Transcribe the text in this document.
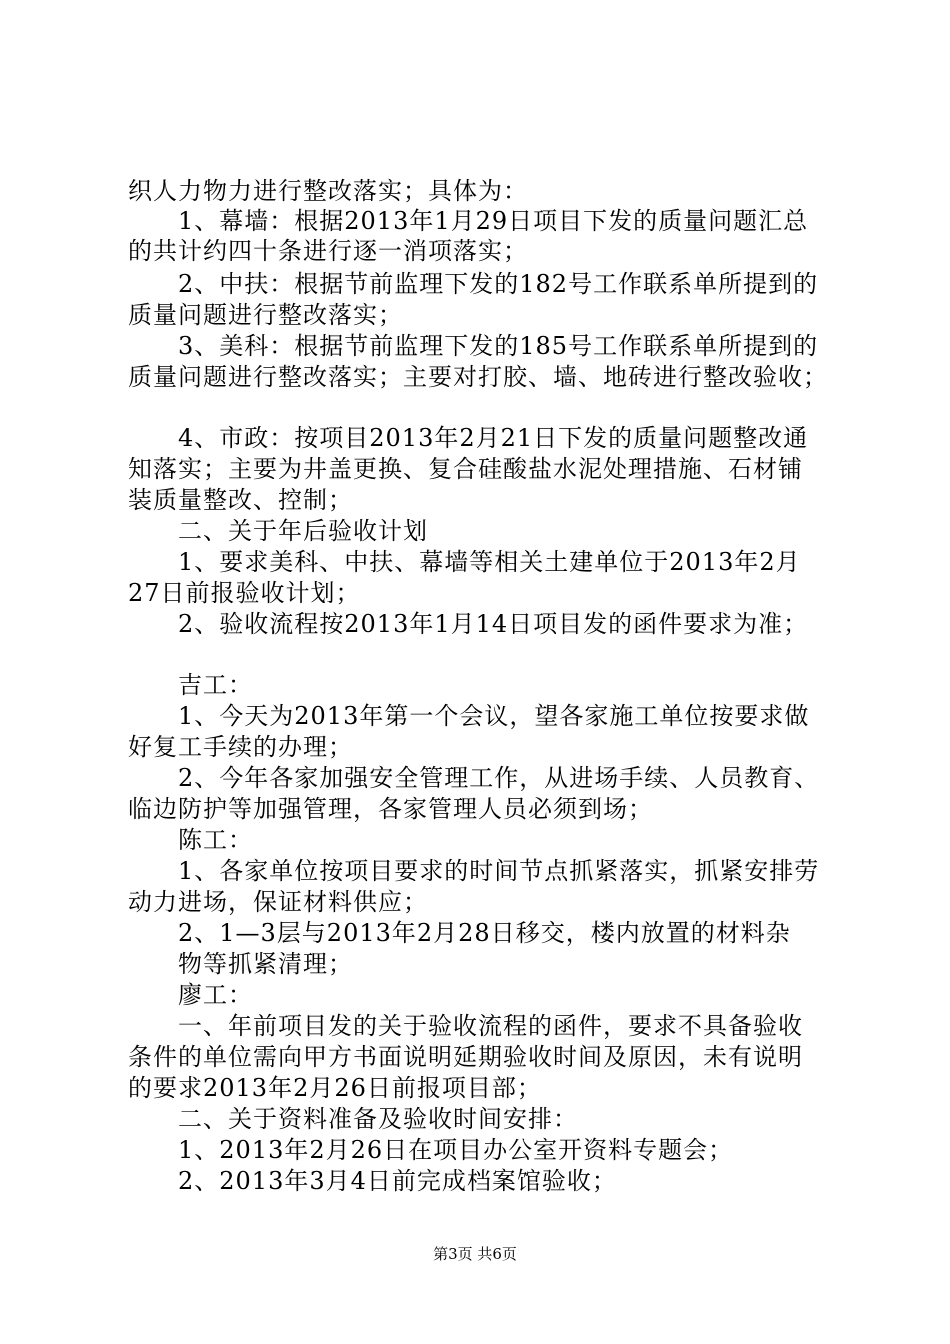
织人力物力进行整改落实；具体为：
1、幕墙：根据2013年1月29日项目下发的质量问题汇总
的共计约四十条进行逐一消项落实；
2、中扶：根据节前监理下发的182号工作联系单所提到的
质量问题进行整改落实；
3、美科：根据节前监理下发的185号工作联系单所提到的
质量问题进行整改落实；主要对打胶、墙、地砖进行整改验收；
4、市政：按项目2013年2月21日下发的质量问题整改通
知落实；主要为井盖更换、复合硅酸盐水泥处理措施、石材铺
装质量整改、控制；
二、关于年后验收计划
1、要求美科、中扶、幕墙等相关土建单位于2013年2月
27日前报验收计划；
2、验收流程按2013年1月14日项目发的函件要求为准；
吉工：
1、今天为2013年第一个会议，望各家施工单位按要求做
好复工手续的办理；
2、今年各家加强安全管理工作，从进场手续、人员教育、
临边防护等加强管理，各家管理人员必须到场；
陈工：
1、各家单位按项目要求的时间节点抓紧落实，抓紧安排劳
动力进场，保证材料供应；
2、1—3层与2013年2月28日移交，楼内放置的材料杂
物等抓紧清理；
廖工：
一、年前项目发的关于验收流程的函件，要求不具备验收
条件的单位需向甲方书面说明延期验收时间及原因，未有说明
的要求2013年2月26日前报项目部；
二、关于资料准备及验收时间安排：
1、2013年2月26日在项目办公室开资料专题会；
2、2013年3月4日前完成档案馆验收；
第3页 共6页
